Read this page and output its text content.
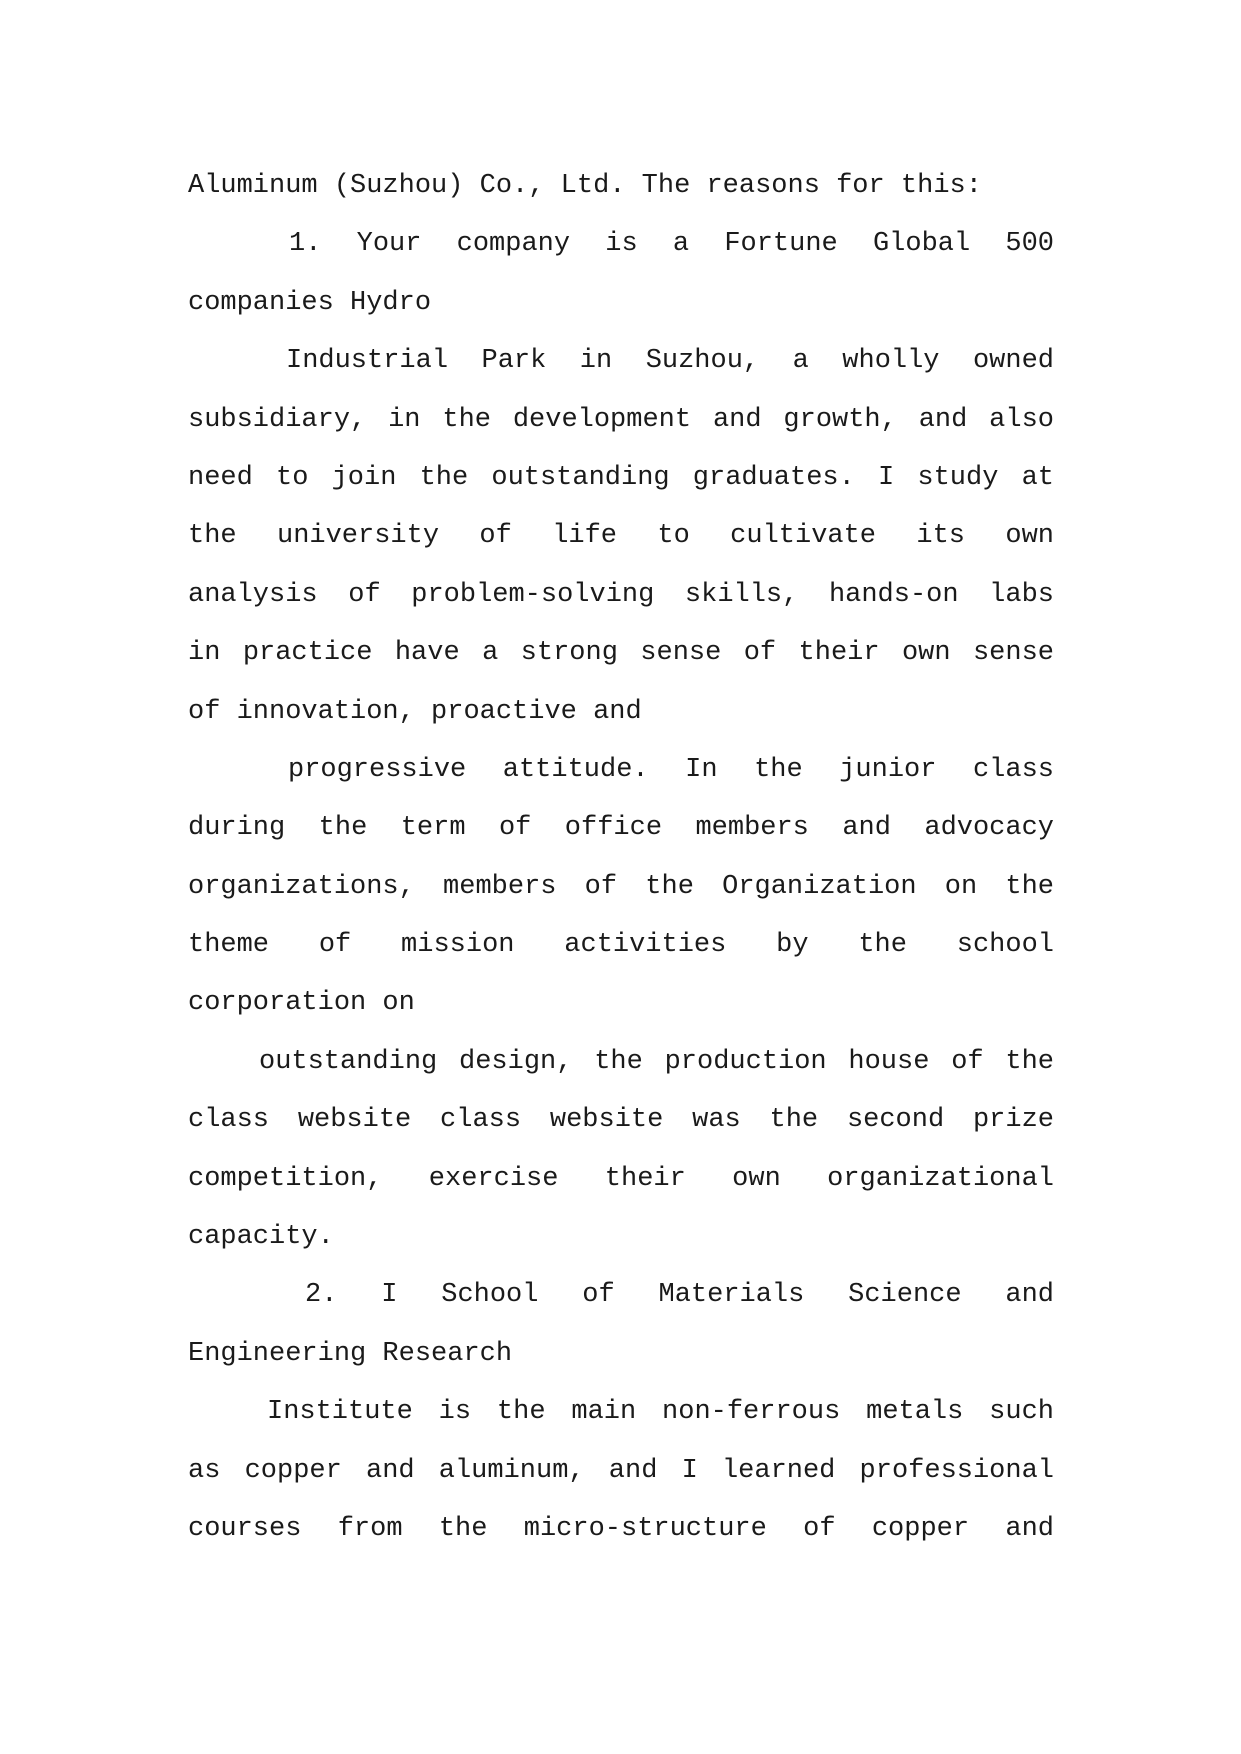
Aluminum (Suzhou) Co., Ltd. The reasons for this:
1. Your company is a Fortune Global 500
companies Hydro
Industrial Park in Suzhou, a wholly owned
subsidiary, in the development and growth, and also
need to join the outstanding graduates. I study at
the university of life to cultivate its own
analysis of problem-solving skills, hands-on labs
in practice have a strong sense of their own sense
of innovation, proactive and
progressive attitude. In the junior class
during the term of office members and advocacy
organizations, members of the Organization on the
theme of mission activities by the school
corporation on
outstanding design, the production house of the
class website class website was the second prize
competition, exercise their own organizational
capacity.
2. I School of Materials Science and
Engineering Research
Institute is the main non-ferrous metals such
as copper and aluminum, and I learned professional
courses from the micro-structure of copper and
